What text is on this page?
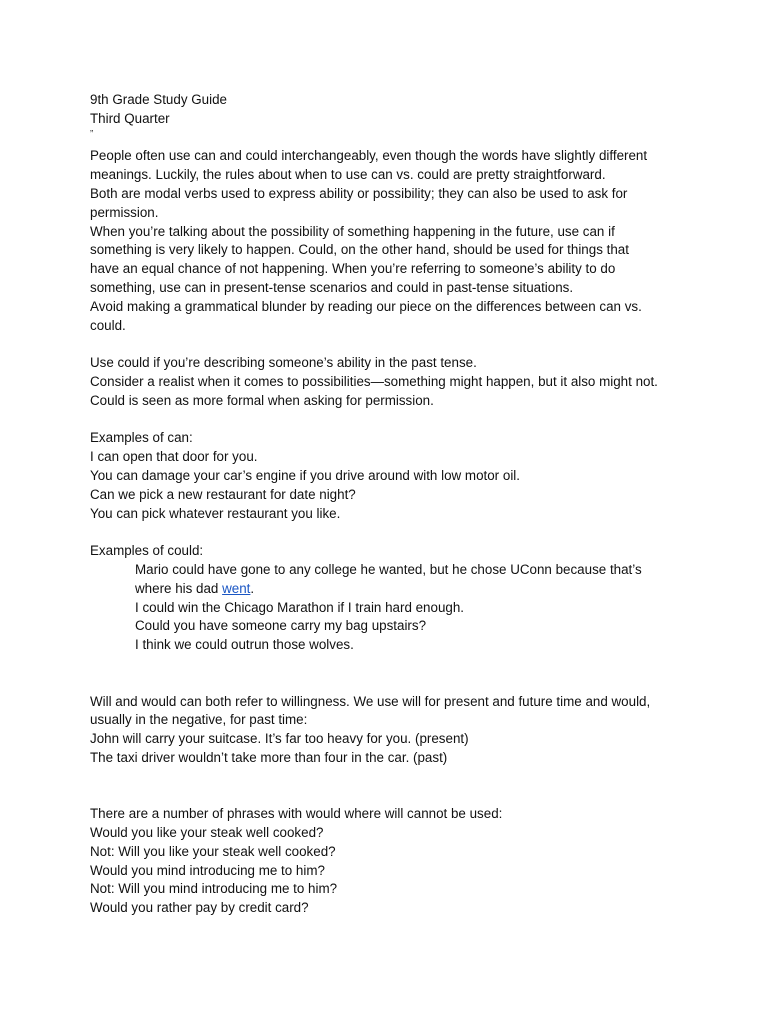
9th Grade Study Guide
Third Quarter
”
People often use can and could interchangeably, even though the words have slightly different
meanings. Luckily, the rules about when to use can vs. could are pretty straightforward.
Both are modal verbs used to express ability or possibility; they can also be used to ask for
permission.
When you’re talking about the possibility of something happening in the future, use can if
something is very likely to happen. Could, on the other hand, should be used for things that
have an equal chance of not happening. When you’re referring to someone’s ability to do
something, use can in present-tense scenarios and could in past-tense situations.
Avoid making a grammatical blunder by reading our piece on the differences between can vs.
could.
Use could if you’re describing someone’s ability in the past tense.
Consider a realist when it comes to possibilities—something might happen, but it also might not.
Could is seen as more formal when asking for permission.
Examples of can:
I can open that door for you.
You can damage your car’s engine if you drive around with low motor oil.
Can we pick a new restaurant for date night?
You can pick whatever restaurant you like.
Examples of could:
Mario could have gone to any college he wanted, but he chose UConn because that’s
where his dad went.
I could win the Chicago Marathon if I train hard enough.
Could you have someone carry my bag upstairs?
I think we could outrun those wolves.
Will and would can both refer to willingness. We use will for present and future time and would,
usually in the negative, for past time:
John will carry your suitcase. It’s far too heavy for you. (present)
The taxi driver wouldn’t take more than four in the car. (past)
There are a number of phrases with would where will cannot be used:
Would you like your steak well cooked?
Not: Will you like your steak well cooked?
Would you mind introducing me to him?
Not: Will you mind introducing me to him?
Would you rather pay by credit card?
